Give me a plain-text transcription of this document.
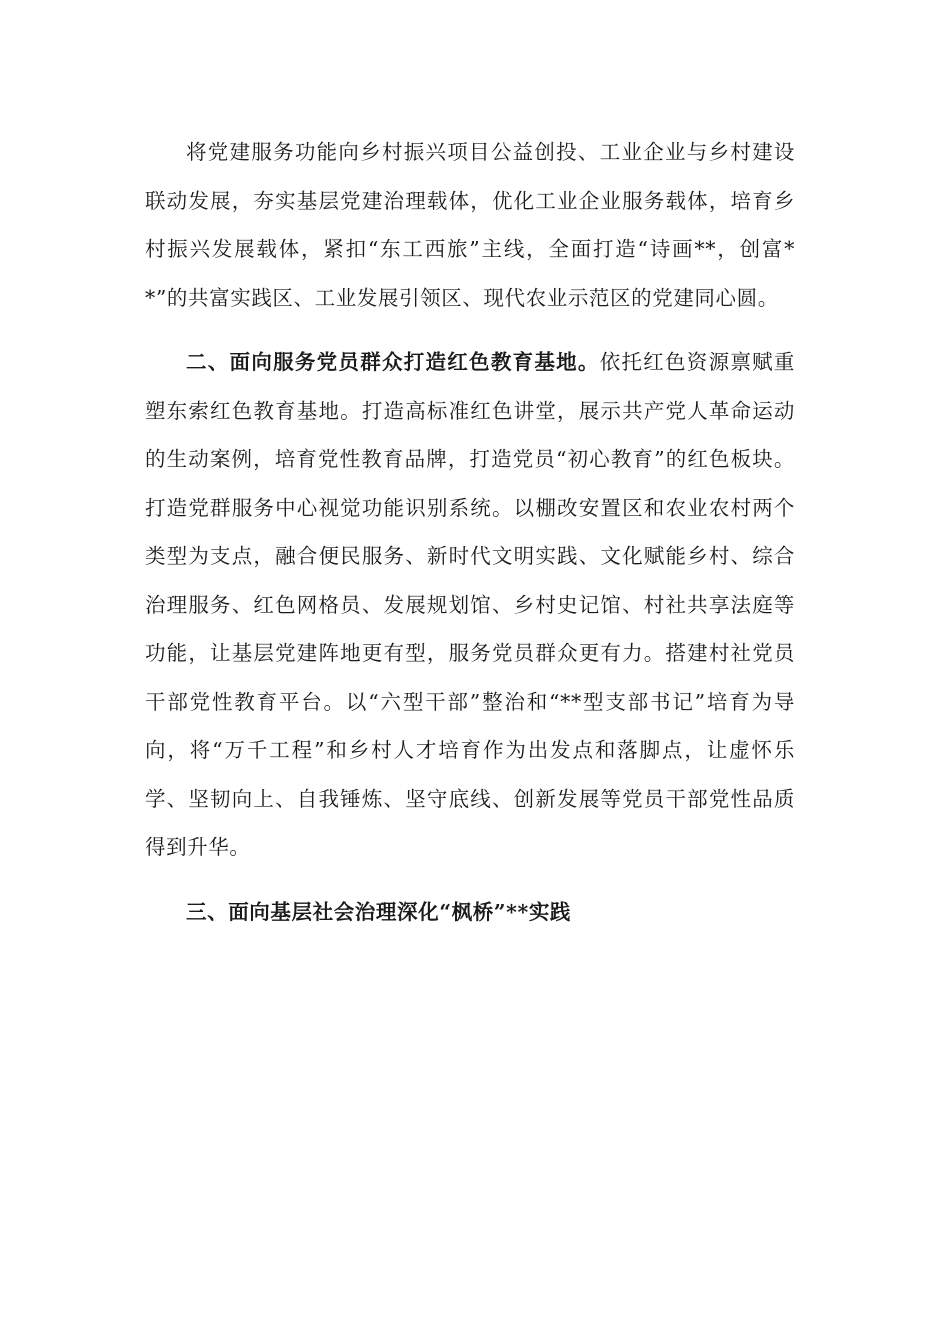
将党建服务功能向乡村振兴项目公益创投、工业企业与乡村建设联动发展，夯实基层党建治理载体，优化工业企业服务载体，培育乡村振兴发展载体，紧扣“东工西旅”主线，全面打造“诗画**，创富**”的共富实践区、工业发展引领区、现代农业示范区的党建同心圆。

二、面向服务党员群众打造红色教育基地。依托红色资源禀赋重塑东索红色教育基地。打造高标准红色讲堂，展示共产党人革命运动的生动案例，培育党性教育品牌，打造党员“初心教育”的红色板块。打造党群服务中心视觉功能识别系统。以棚改安置区和农业农村两个类型为支点，融合便民服务、新时代文明实践、文化赋能乡村、综合治理服务、红色网格员、发展规划馆、乡村史记馆、村社共享法庭等功能，让基层党建阵地更有型，服务党员群众更有力。搭建村社党员干部党性教育平台。以“六型干部”整治和“**型支部书记”培育为导向，将“万千工程”和乡村人才培育作为出发点和落脚点，让虚怀乐学、坚韧向上、自我锤炼、坚守底线、创新发展等党员干部党性品质得到升华。

三、面向基层社会治理深化“枫桥”**实践
